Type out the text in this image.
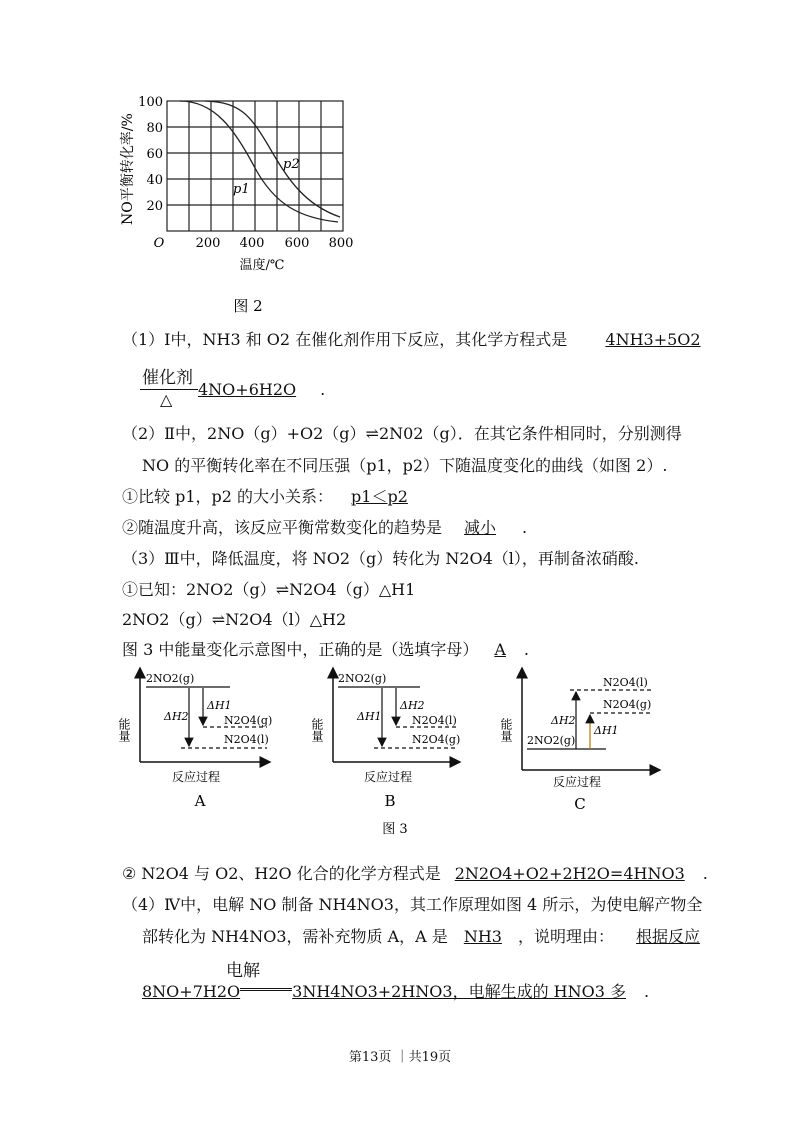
NO平衡转化率/%	p2
p1
100
80
60
40
20
O 200 400 600 800
温度/℃
图 2
（1）Ⅰ中，NH3 和 O2 在催化剂作用下反应，其化学方程式是 4NH3+5O2
催化剂
△
4NO+6H2O .
（2）Ⅱ中，2NO（g）+O2（g）⇌2N02（g）．在其它条件相同时，分别测得
NO 的平衡转化率在不同压强（p1，p2）下随温度变化的曲线（如图 2）.
①比较 p1，p2 的大小关系： p1＜p2
②随温度升高，该反应平衡常数变化的趋势是 减小 .
（3）Ⅲ中，降低温度，将 NO2（g）转化为 N2O4（l），再制备浓硝酸.
①已知：2NO2（g）⇌N2O4（g）△H1
2NO2（g）⇌N2O4（l）△H2
图 3 中能量变化示意图中，正确的是（选填字母） A .
能量
2NO2(g)
N2O4(g)
N2O4(l)
ΔH1
ΔH2
反应过程
A
能量
2NO2(g)
N2O4(l)
N2O4(g)
ΔH2
ΔH1
反应过程
B
能量
N2O4(l)
N2O4(g)
2NO2(g)
ΔH1
ΔH2
反应过程
C
图 3
② N2O4 与 O2、H2O 化合的化学方程式是 2N2O4+O2+2H2O=4HNO3 .
（4）Ⅳ中，电解 NO 制备 NH4NO3，其工作原理如图 4 所示，为使电解产物全
部转化为 NH4NO3，需补充物质 A，A 是 NH3 ，说明理由： 根据反应
电解
8NO+7H2O	3NH4NO3+2HNO3，电解生成的 HNO3 多 .
第13页 ｜共19页
